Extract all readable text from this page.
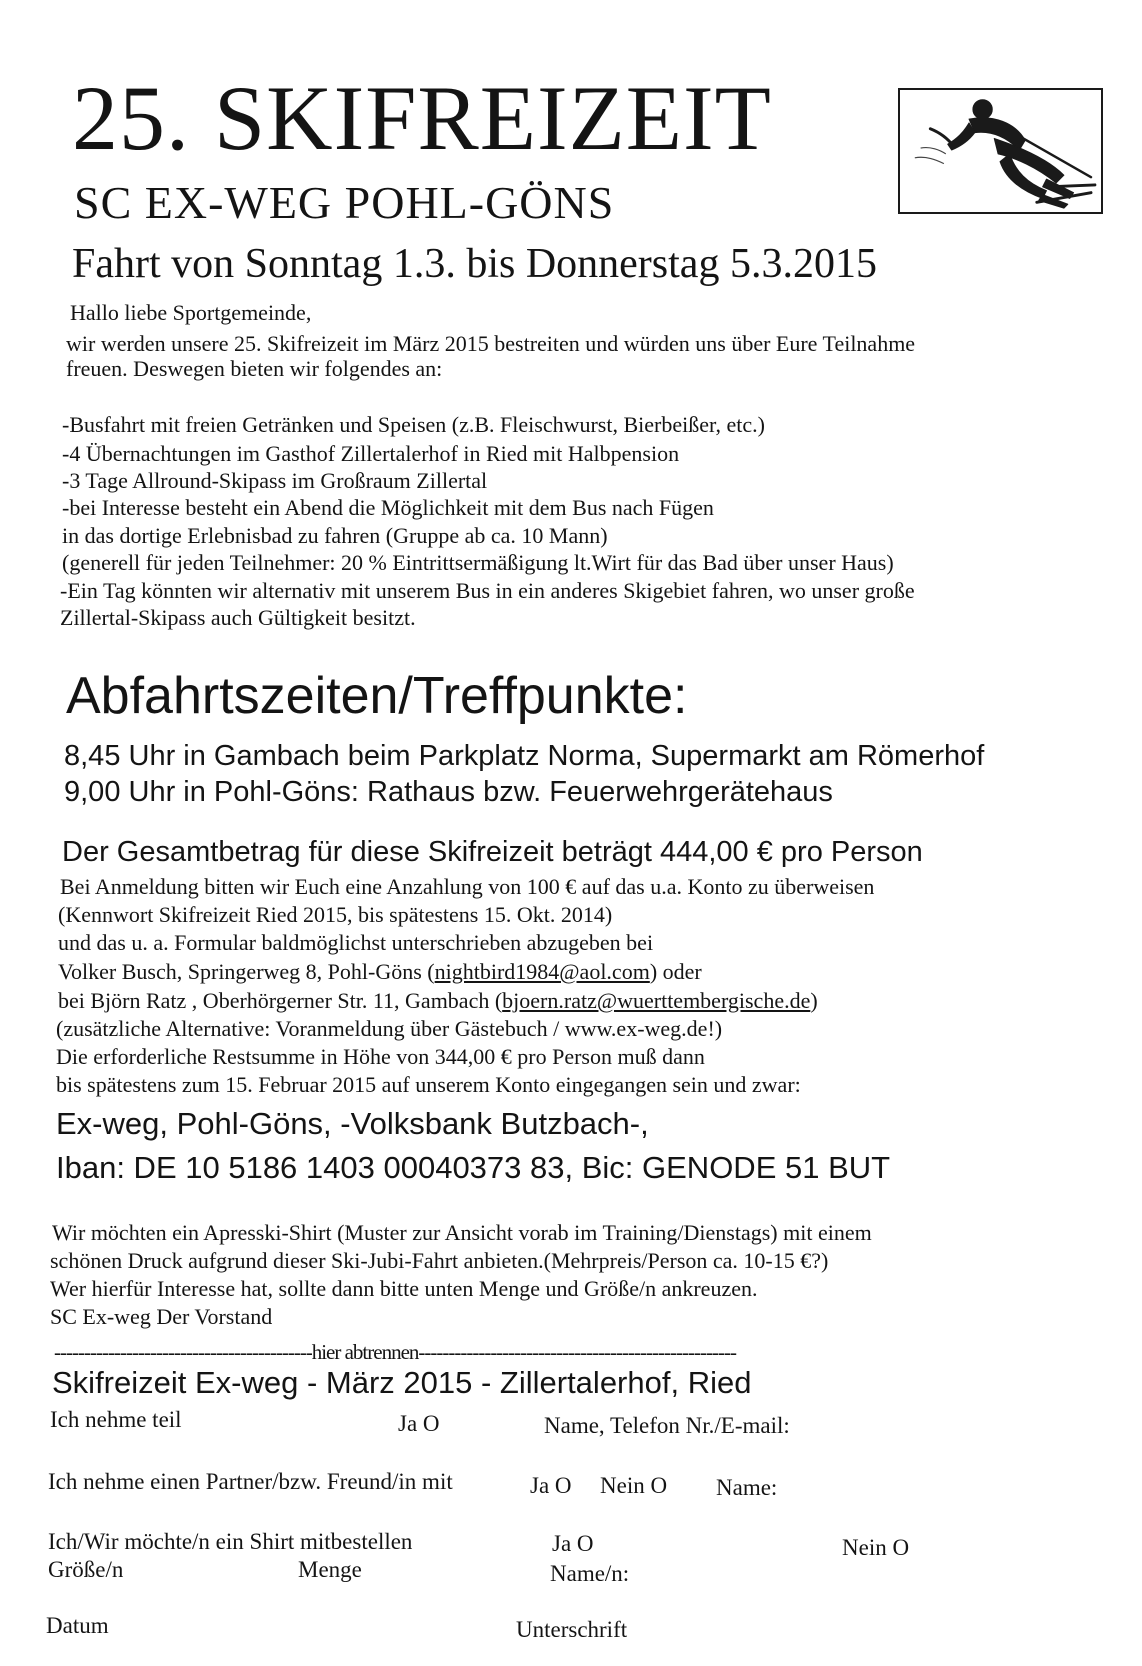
25. SKIFREIZEIT
SC EX-WEG POHL-GÖNS
Fahrt von Sonntag 1.3. bis Donnerstag 5.3.2015
Hallo liebe Sportgemeinde,
wir werden unsere 25. Skifreizeit im März 2015 bestreiten und würden uns über Eure Teilnahme
freuen. Deswegen bieten wir folgendes an:
-Busfahrt mit freien Getränken und Speisen (z.B. Fleischwurst, Bierbeißer, etc.)
-4 Übernachtungen im Gasthof Zillertalerhof in Ried mit Halbpension
-3 Tage Allround-Skipass im Großraum Zillertal
-bei Interesse besteht ein Abend die Möglichkeit mit dem Bus nach Fügen
in das dortige Erlebnisbad zu fahren (Gruppe ab ca. 10 Mann)
(generell für jeden Teilnehmer: 20 % Eintrittsermäßigung lt.Wirt für das Bad über unser Haus)
-Ein Tag könnten wir alternativ mit unserem Bus in ein anderes Skigebiet fahren, wo unser große
Zillertal-Skipass auch Gültigkeit besitzt.
Abfahrtszeiten/Treffpunkte:
8,45 Uhr in Gambach beim Parkplatz Norma, Supermarkt am Römerhof
9,00 Uhr in Pohl-Göns: Rathaus bzw. Feuerwehrgerätehaus
Der Gesamtbetrag für diese Skifreizeit beträgt 444,00 € pro Person
Bei Anmeldung bitten wir Euch eine Anzahlung von 100 € auf das u.a. Konto zu überweisen
(Kennwort Skifreizeit Ried 2015, bis spätestens 15. Okt. 2014)
und das u. a. Formular baldmöglichst unterschrieben abzugeben bei
Volker Busch, Springerweg 8, Pohl-Göns (nightbird1984@aol.com) oder
bei Björn Ratz , Oberhörgerner Str. 11, Gambach (bjoern.ratz@wuerttembergische.de)
(zusätzliche Alternative: Voranmeldung über Gästebuch / www.ex-weg.de!)
Die erforderliche Restsumme in Höhe von 344,00 € pro Person muß dann
bis spätestens zum 15. Februar 2015 auf unserem Konto eingegangen sein und zwar:
Ex-weg, Pohl-Göns, -Volksbank Butzbach-,
Iban: DE 10 5186 1403 00040373 83, Bic: GENODE 51 BUT
Wir möchten ein Apresski-Shirt (Muster zur Ansicht vorab im Training/Dienstags) mit einem
schönen Druck aufgrund dieser Ski-Jubi-Fahrt anbieten.(Mehrpreis/Person ca. 10-15 €?)
Wer hierfür Interesse hat, sollte dann bitte unten Menge und Größe/n ankreuzen.
SC Ex-weg Der Vorstand
-------------------------------------------hier abtrennen-----------------------------------------------------
Skifreizeit Ex-weg - März 2015 - Zillertalerhof, Ried
Ich nehme teil	Ja O	Name, Telefon Nr./E-mail:
Ich nehme einen Partner/bzw. Freund/in mit	Ja O Nein O Name:
Ich/Wir möchte/n ein Shirt mitbestellen	Ja O	Nein O
Größe/n	Menge	Name/n:
Datum	Unterschrift
